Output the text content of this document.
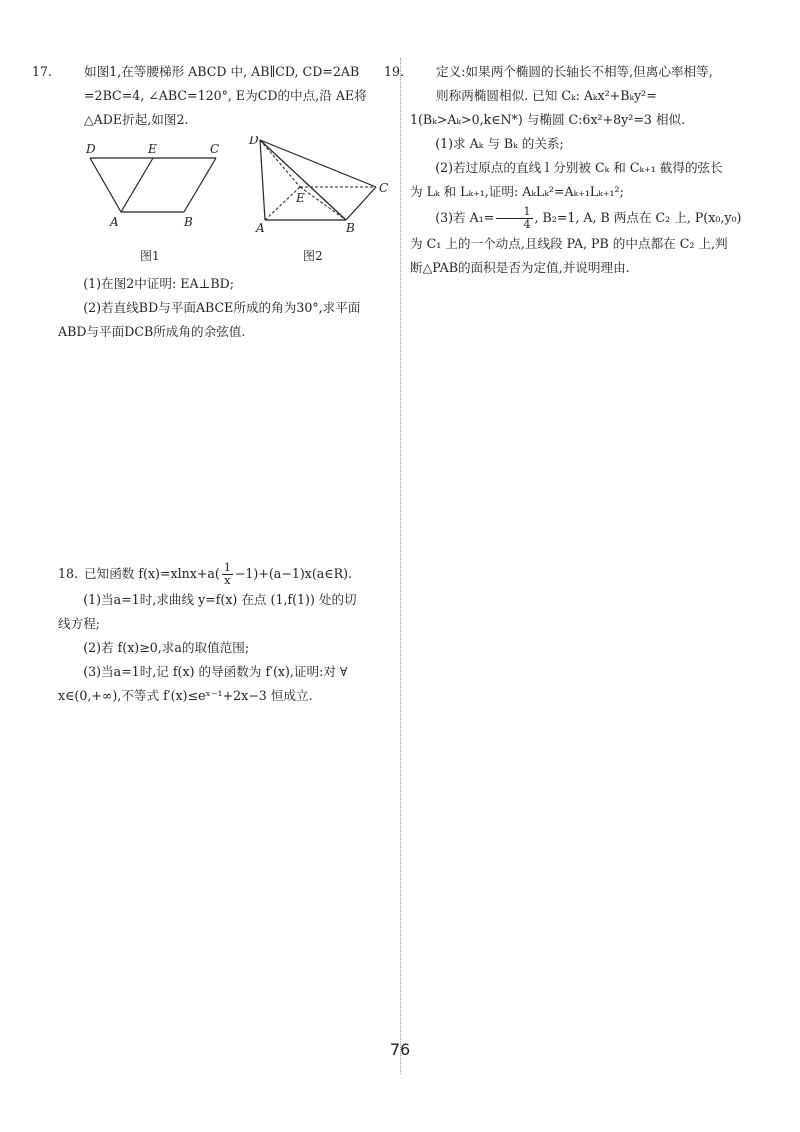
17.	如图1,在等腰梯形 ABCD 中, AB∥CD, CD=2AB
=2BC=4, ∠ABC=120°, E为CD的中点,沿 AE将
△ADE折起,如图2.

D	E	C
A	B
D
E
C
A	B
图1	图2

(1)在图2中证明: EA⊥BD;

(2)若直线BD与平面ABCE所成的角为30°,求平面

ABD与平面DCB所成角的余弦值.

18. 已知函数 $f(x)=xlnx+a( \frac{1}{x}$ −1)+(a−1)x(a∈R).

(1)当a=1时,求曲线 y=f(x) 在点 (1,f(1)) 处的切

线方程;

(2)若 f(x)≥0,求a的取值范围;

(3)当a=1时,记 f(x) 的导函数为 f′(x),证明:对 ∀

x∈(0,+∞),不等式 f′(x)≤eˣ⁻¹+2x−3 恒成立.

19.	定义:如果两个椭圆的长轴长不相等,但离心率相等,
则称两椭圆相似. 已知 Cₖ: Aₖx²+Bₖy²=

1(Bₖ>Aₖ>0,k∈N*) 与椭圆 C:6x²+8y²=3 相似.

(1)求 Aₖ 与 Bₖ 的关系;

(2)若过原点的直线 l 分别被 Cₖ 和 Cₖ₊₁ 截得的弦长

为 Lₖ 和 Lₖ₊₁,证明: AₖLₖ²=Aₖ₊₁Lₖ₊₁²;

(3)若 $A_1= \frac{1}{4}$ , B₂=1, A, B 两点在 C₂ 上, P(x₀,y₀)

为 C₁ 上的一个动点,且线段 PA, PB 的中点都在 C₂ 上,判

断△PAB的面积是否为定值,并说明理由.

76
